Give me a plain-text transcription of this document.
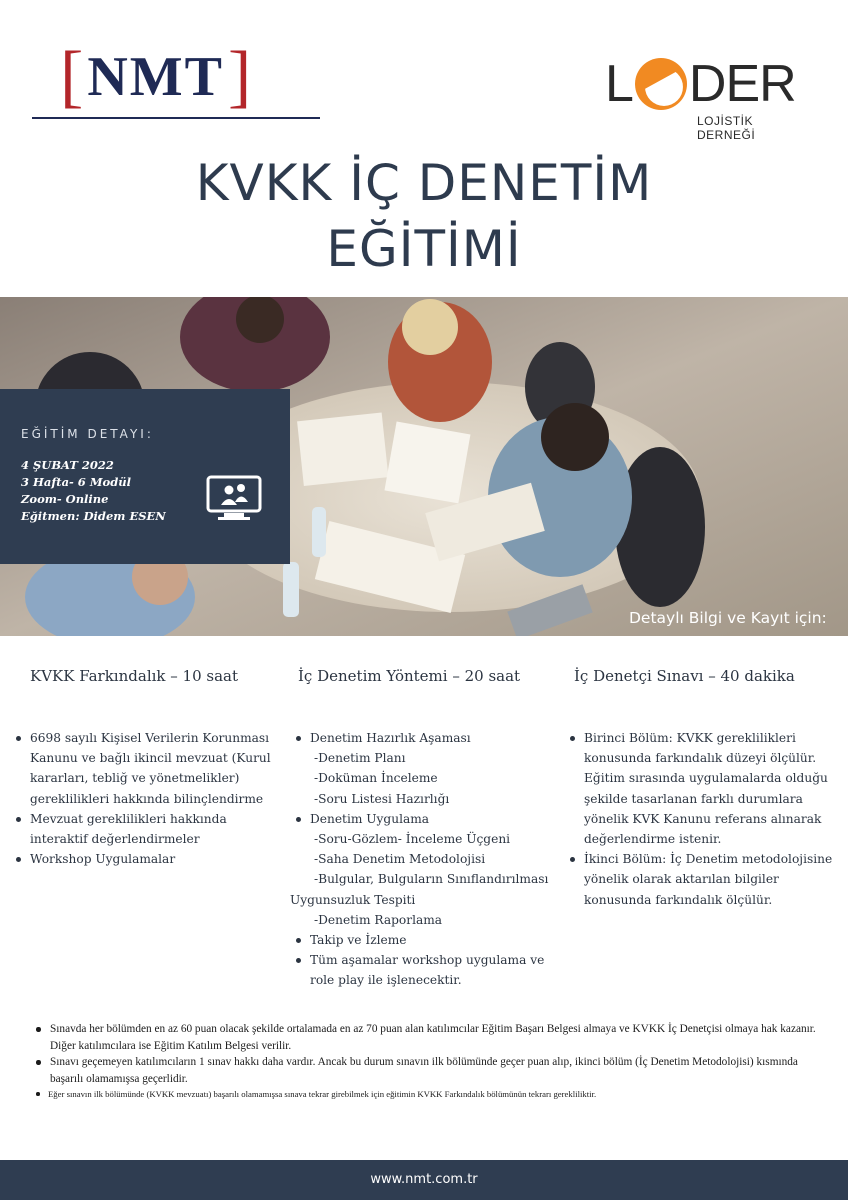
[ NMT ]	L DER
LOJİSTİK DERNEĞİ
KVKK İÇ DENETİM
EĞİTİMİ
Detaylı Bilgi ve Kayıt için:
EĞİTİM DETAYI:
4 ŞUBAT 2022
3 Hafta- 6 Modül
Zoom- Online
Eğitmen: Didem ESEN
KVKK Farkındalık – 10 saat	İç Denetim Yöntemi – 20 saat	İç Denetçi Sınavı – 40 dakika
6698 sayılı Kişisel Verilerin Korunması Kanunu ve bağlı ikincil mevzuat (Kurul kararları, tebliğ ve yönetmelikler) gereklilikleri hakkında bilinçlendirme
Mevzuat gereklilikleri hakkında interaktif değerlendirmeler
Workshop Uygulamalar
Denetim Hazırlık Aşaması
-Denetim Planı
-Doküman İnceleme
-Soru Listesi Hazırlığı
Denetim Uygulama
-Soru-Gözlem- İnceleme Üçgeni
-Saha Denetim Metodolojisi
-Bulgular, Bulguların Sınıflandırılması
Uygunsuzluk Tespiti
-Denetim Raporlama
Takip ve İzleme
Tüm aşamalar workshop uygulama ve role play ile işlenecektir.
Birinci Bölüm: KVKK gereklilikleri konusunda farkındalık düzeyi ölçülür. Eğitim sırasında uygulamalarda olduğu şekilde tasarlanan farklı durumlara yönelik KVK Kanunu referans alınarak değerlendirme istenir.
İkinci Bölüm: İç Denetim metodolojisine yönelik olarak aktarılan bilgiler konusunda farkındalık ölçülür.
Sınavda her bölümden en az 60 puan olacak şekilde ortalamada en az 70 puan alan katılımcılar Eğitim Başarı Belgesi almaya ve KVKK İç Denetçisi olmaya hak kazanır. Diğer katılımcılara ise Eğitim Katılım Belgesi verilir.
Sınavı geçemeyen katılımcıların 1 sınav hakkı daha vardır. Ancak bu durum sınavın ilk bölümünde geçer puan alıp, ikinci bölüm (İç Denetim Metodolojisi) kısmında başarılı olamamışsa geçerlidir.
Eğer sınavın ilk bölümünde (KVKK mevzuatı) başarılı olamamışsa sınava tekrar girebilmek için eğitimin KVKK Farkındalık bölümünün tekrarı gerekliliktir.
www.nmt.com.tr
